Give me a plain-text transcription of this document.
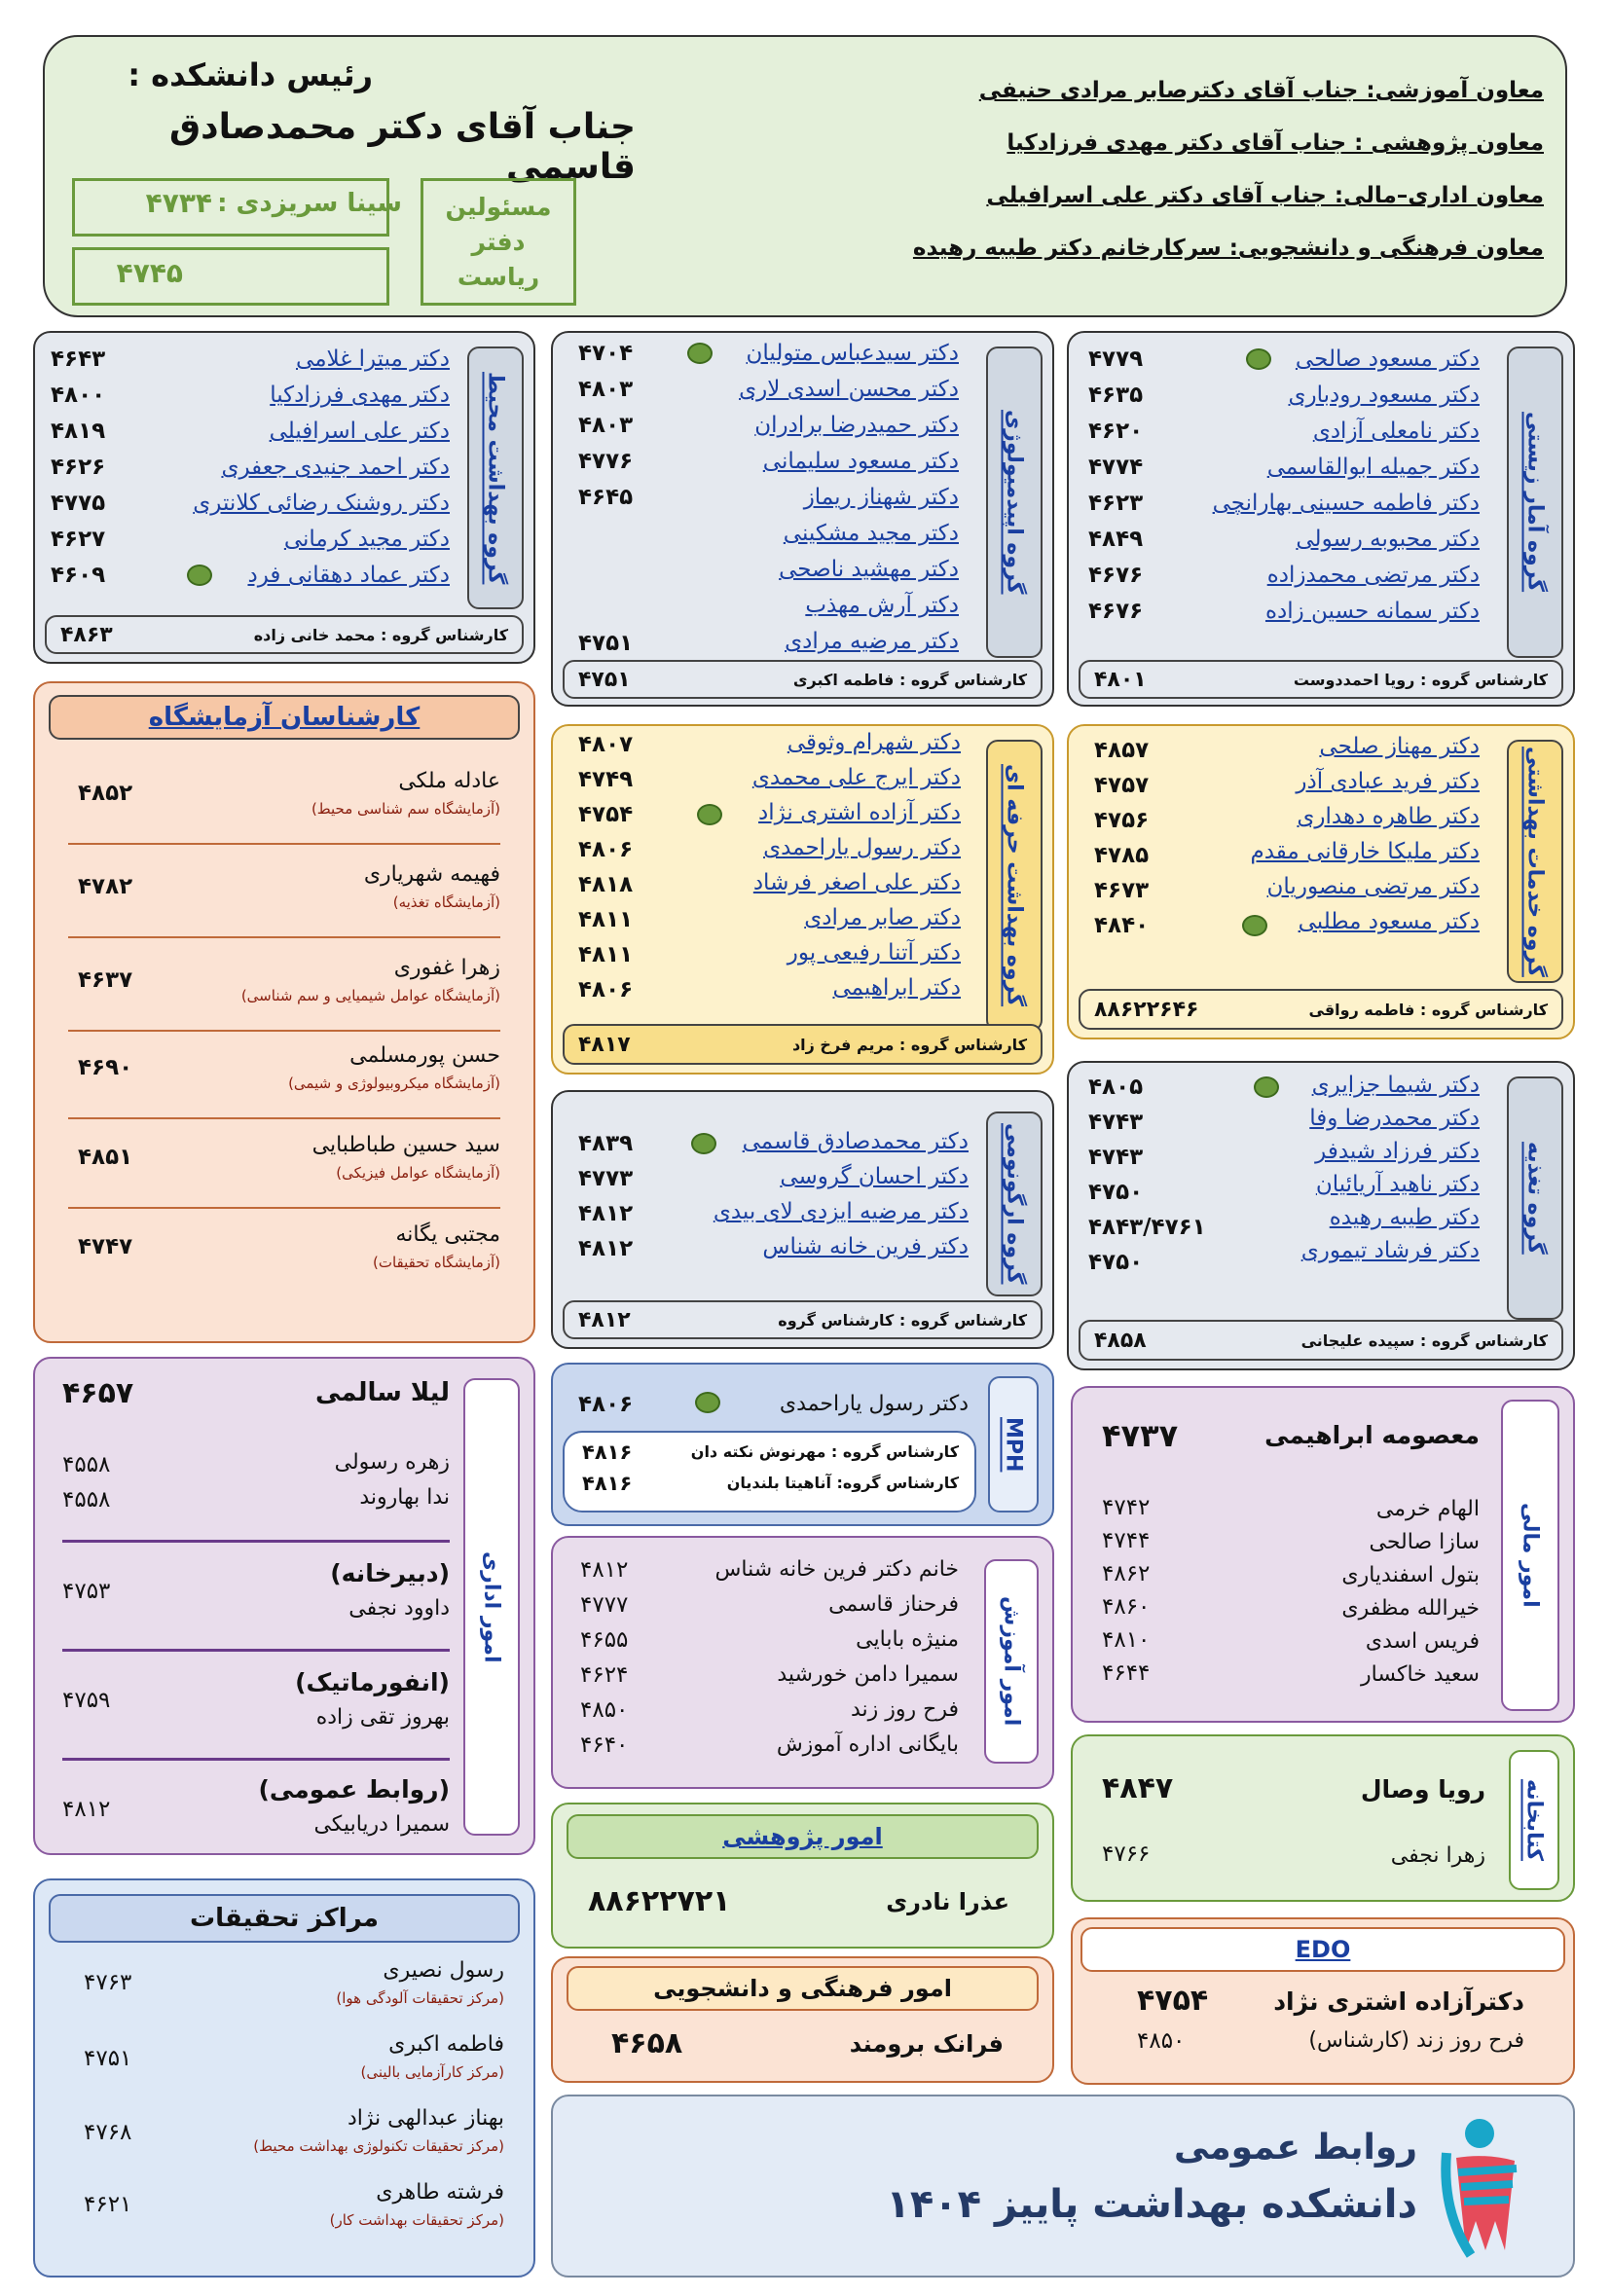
رئیس دانشکده :
جناب آقای دکتر محمدصادق قاسمی
سینا سریزدی :
۴۷۳۴
۴۷۴۵
مسئولین دفتر ریاست
معاون آموزشی: جناب آقای دکترصابر مرادی حنیفی
معاون پژوهشی : جناب آقای دکتر مهدی فرزادکیا
معاون اداری–مالی: جناب آقای دکتر علی اسرافیلی
معاون فرهنگی و دانشجویی: سرکارخانم دکتر طیبه رهیده
گروه بهداشت محیط
دکتر میترا غلامی
۴۶۴۳
دکتر مهدی فرزادکیا
۴۸۰۰
دکتر علی اسرافیلی
۴۸۱۹
دکتر احمد جنیدی جعفری
۴۶۲۶
دکتر روشنک رضائی کلانتری
۴۷۷۵
دکتر مجید کرمانی
۴۶۲۷
دکتر عماد دهقانی فرد
۴۶۰۹
کارشناس گروه : محمد خانی زاده
۴۸۶۳
گروه اپیدمیولوژی
دکتر سیدعباس متولیان
۴۷۰۴
دکتر محسن اسدی لاری
۴۸۰۳
دکتر حمیدرضا برادران
۴۸۰۳
دکتر مسعود سلیمانی
۴۷۷۶
دکتر شهناز ریماز
۴۶۴۵
دکتر مجید مشکینی
دکتر مهشید ناصحی
دکتر آرش مهذب
دکتر مرضیه مرادی
۴۷۵۱
کارشناس گروه : فاطمه اکبری
۴۷۵۱
گروه آمار زیستی
دکتر مسعود صالحی
۴۷۷۹
دکتر مسعود رودباری
۴۶۳۵
دکتر نامعلی آزادی
۴۶۲۰
دکتر جمیله ابوالقاسمی
۴۷۷۴
دکتر فاطمه حسینی بهارانچی
۴۶۲۳
دکتر محبوبه رسولی
۴۸۴۹
دکتر مرتضی محمدزاده
۴۶۷۶
دکتر سمانه حسین زاده
۴۶۷۶
کارشناس گروه : رویا احمددوست
۴۸۰۱
کارشناسان آزمایشگاه
عادله ملکی
(آزمایشگاه سم شناسی محیط)
۴۸۵۲
فهیمه شهریاری
(آزمایشگاه تغذیه)
۴۷۸۲
زهرا غفوری
(آزمایشگاه عوامل شیمیایی و سم شناسی)
۴۶۳۷
حسن پورمسلمی
(آزمایشگاه میکروبیولوژی و شیمی)
۴۶۹۰
سید حسین طباطبایی
(آزمایشگاه عوامل فیزیکی)
۴۸۵۱
مجتبی یگانه
(آزمایشگاه تحقیقات)
۴۷۴۷
گروه بهداشت حرفه ای
دکتر شهرام وثوقی
۴۸۰۷
دکتر ایرج علی محمدی
۴۷۴۹
دکتر آزاده اشتری نژاد
۴۷۵۴
دکتر رسول یاراحمدی
۴۸۰۶
دکتر علی اصغر فرشاد
۴۸۱۸
دکتر صابر مرادی
۴۸۱۱
دکتر آتنا رفیعی پور
۴۸۱۱
دکتر ابراهیمی
۴۸۰۶
کارشناس گروه : مریم فرخ زاد
۴۸۱۷
گروه خدمات بهداشتی
دکتر مهناز صلحی
۴۸۵۷
دکتر فرید عبادی آذر
۴۷۵۷
دکتر طاهره دهداری
۴۷۵۶
دکتر ملیکا خارقانی مقدم
۴۷۸۵
دکتر مرتضی منصوریان
۴۶۷۳
دکتر مسعود مطلبی
۴۸۴۰
کارشناس گروه : فاطمه رواقی
۸۸۶۲۲۶۴۶
گروه ارگونومی
دکتر محمدصادق قاسمی
۴۸۳۹
دکتر احسان گروسی
۴۷۷۳
دکتر مرضیه ایزدی لای بیدی
۴۸۱۲
دکتر فرین خانه شناس
۴۸۱۲
کارشناس گروه : کارشناس گروه
۴۸۱۲
گروه تغذیه
دکتر شیما جزایری
۴۸۰۵
دکتر محمدرضا وفا
۴۷۴۳
دکتر فرزاد شیدفر
۴۷۴۳
دکتر ناهید آریائیان
۴۷۵۰
دکتر طیبه رهیده
۴۸۴۳/۴۷۶۱
دکتر فرشاد تیموری
۴۷۵۰
کارشناس گروه : سپیده علیجانی
۴۸۵۸
امور اداری
لیلا سالمی
۴۶۵۷
زهره رسولی
۴۵۵۸
ندا بهاروند
۴۵۵۸
(دبیرخانه)
داوود نجفی
۴۷۵۳
(انفورماتیک)
بهروز تقی زاده
۴۷۵۹
(روابط عمومی)
سمیرا دریابیکی
۴۸۱۲
MPH
دکتر رسول یاراحمدی
۴۸۰۶
کارشناس گروه : مهرنوش نکته دان
۴۸۱۶
کارشناس گروه: آناهیتا بلندیان
۴۸۱۶
امور مالی
معصومه ابراهیمی
۴۷۳۷
الهام خرمی
۴۷۴۲
سازا صالحی
۴۷۴۴
بتول اسفندیاری
۴۸۶۲
خیرالله مظفری
۴۸۶۰
فریس اسدی
۴۸۱۰
سعید خاکسار
۴۶۴۴
امور آموزش
خانم دکتر فرین خانه شناس
۴۸۱۲
فرحناز قاسمی
۴۷۷۷
منیژه بابایی
۴۶۵۵
سمیرا دامن خورشید
۴۶۲۴
فرح روز زند
۴۸۵۰
بایگانی اداره آموزش
۴۶۴۰
کتابخانه
رویا وصال
۴۸۴۷
زهرا نجفی
۴۷۶۶
مراکز تحقیقات
رسول نصیری
(مرکز تحقیقات آلودگی هوا)
۴۷۶۳
فاطمه اکبری
(مرکز کارآزمایی بالینی)
۴۷۵۱
بهناز عبدالهی نژاد
(مرکز تحقیقات تکنولوژی بهداشت محیط)
۴۷۶۸
فرشته طاهری
(مرکز تحقیقات بهداشت کار)
۴۶۲۱
امور پژوهشی
عذرا نادری
۸۸۶۲۲۷۲۱
EDO
دکترآزاده اشتری نژاد
۴۷۵۴
فرح روز زند (کارشناس)
۴۸۵۰
امور فرهنگی و دانشجویی
فرانک برومند
۴۶۵۸
روابط عمومی
دانشکده بهداشت پاییز ۱۴۰۴
